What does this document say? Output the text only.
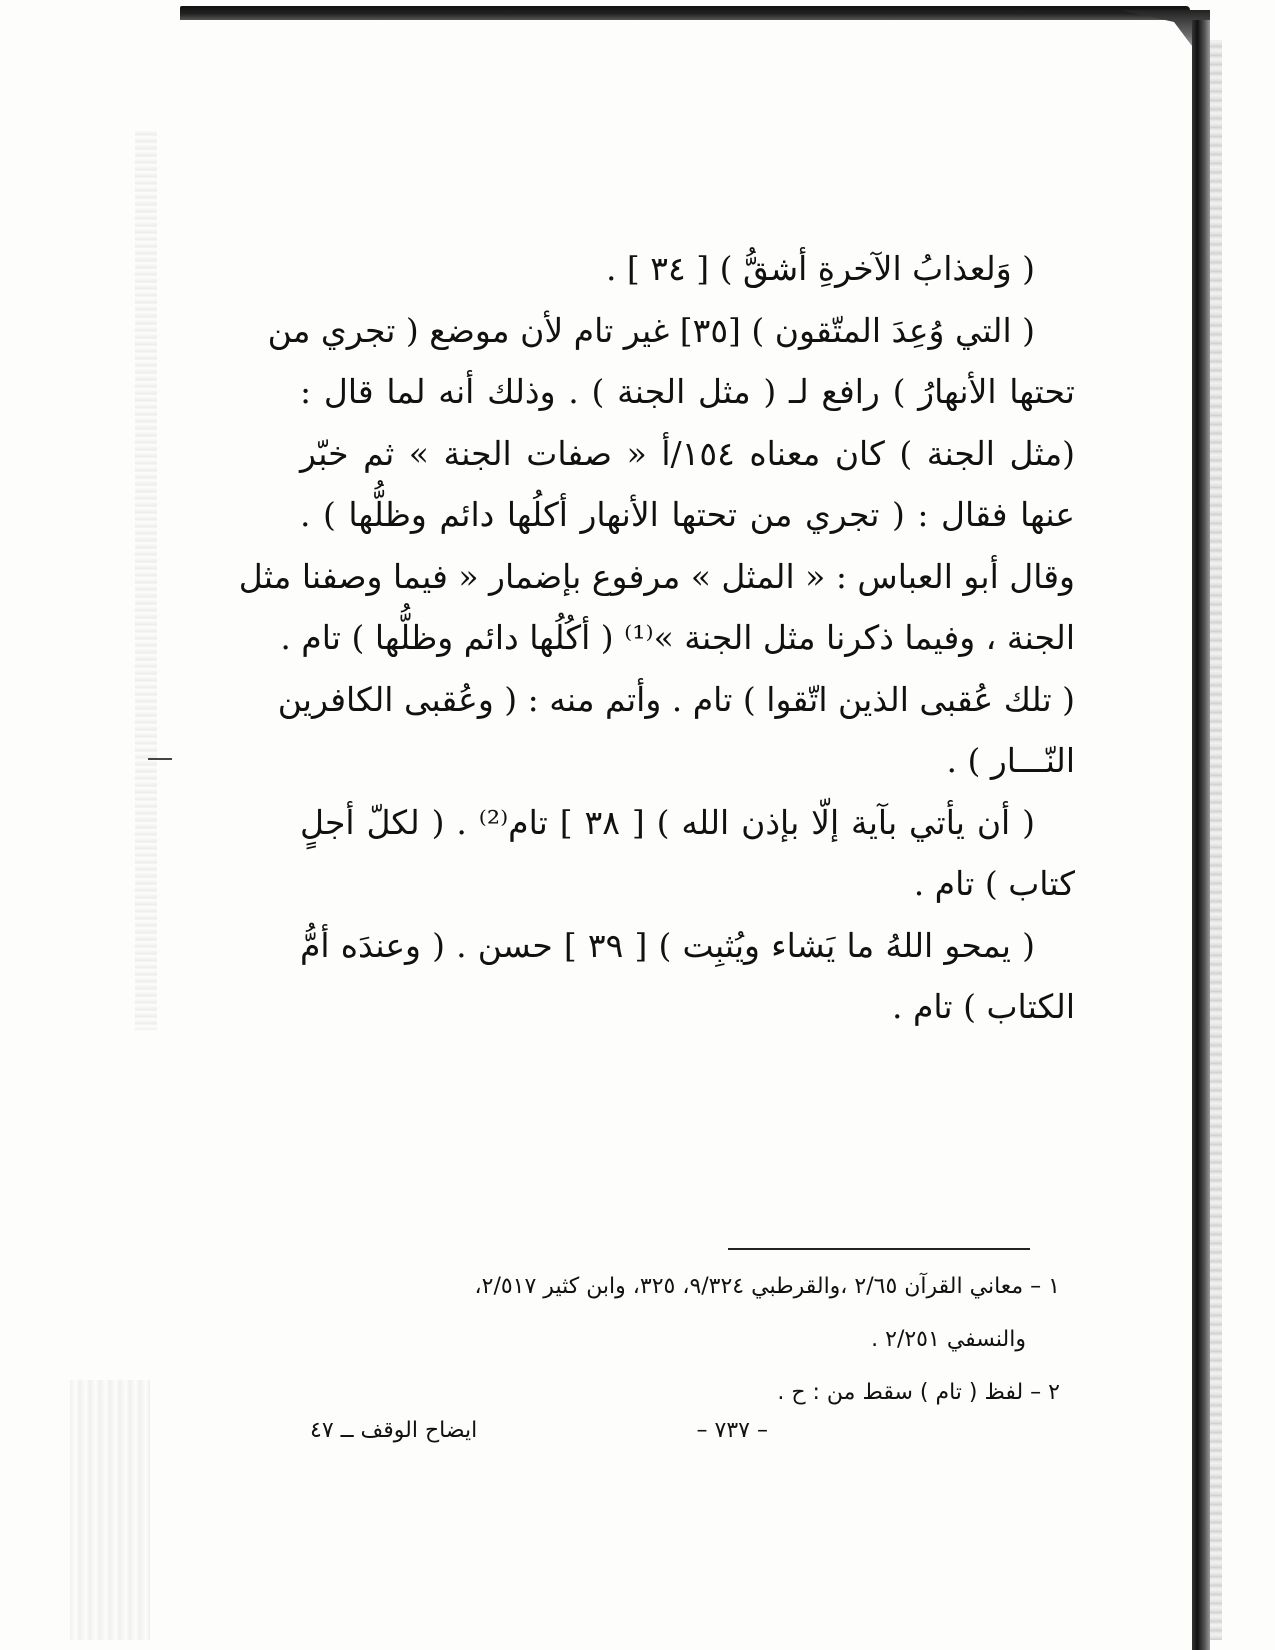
( وَلعذابُ الآخرةِ أشقُّ ) [ ٣٤ ] .
( التي وُعِدَ المتّقون ) [٣٥] غير تام لأن موضع ( تجري من
تحتها الأنهارُ ) رافع لـ ( مثل الجنة ) . وذلك أنه لما قال :
(مثل الجنة ) كان معناه ١٥٤/أ « صفات الجنة » ثم خبّر
عنها فقال : ( تجري من تحتها الأنهار أكلُها دائم وظلُّها ) .
وقال أبو العباس : « المثل » مرفوع بإضمار « فيما وصفنا مثل
الجنة ، وفيما ذكرنا مثل الجنة »⁽¹⁾ ( أكُلُها دائم وظلُّها ) تام .
( تلك عُقبى الذين اتّقوا ) تام . وأتم منه : ( وعُقبى الكافرين
النّـــار ) .
( أن يأتي بآية إلّا بإذن الله ) [ ٣٨ ] تام⁽²⁾ . ( لكلّ أجلٍ
كتاب ) تام .
( يمحو اللهُ ما يَشاء ويُثبِت ) [ ٣٩ ] حسن . ( وعندَه أمُّ
الكتاب ) تام .
١ – معاني القرآن ٢/٦٥ ،والقرطبي ٩/٣٢٤، ٣٢٥، وابن كثير ٢/٥١٧،
والنسفي ٢/٢٥١ .
٢ – لفظ ( تام ) سقط من : ح .
– ٧٣٧ –
ايضاح الوقف ــ ٤٧
